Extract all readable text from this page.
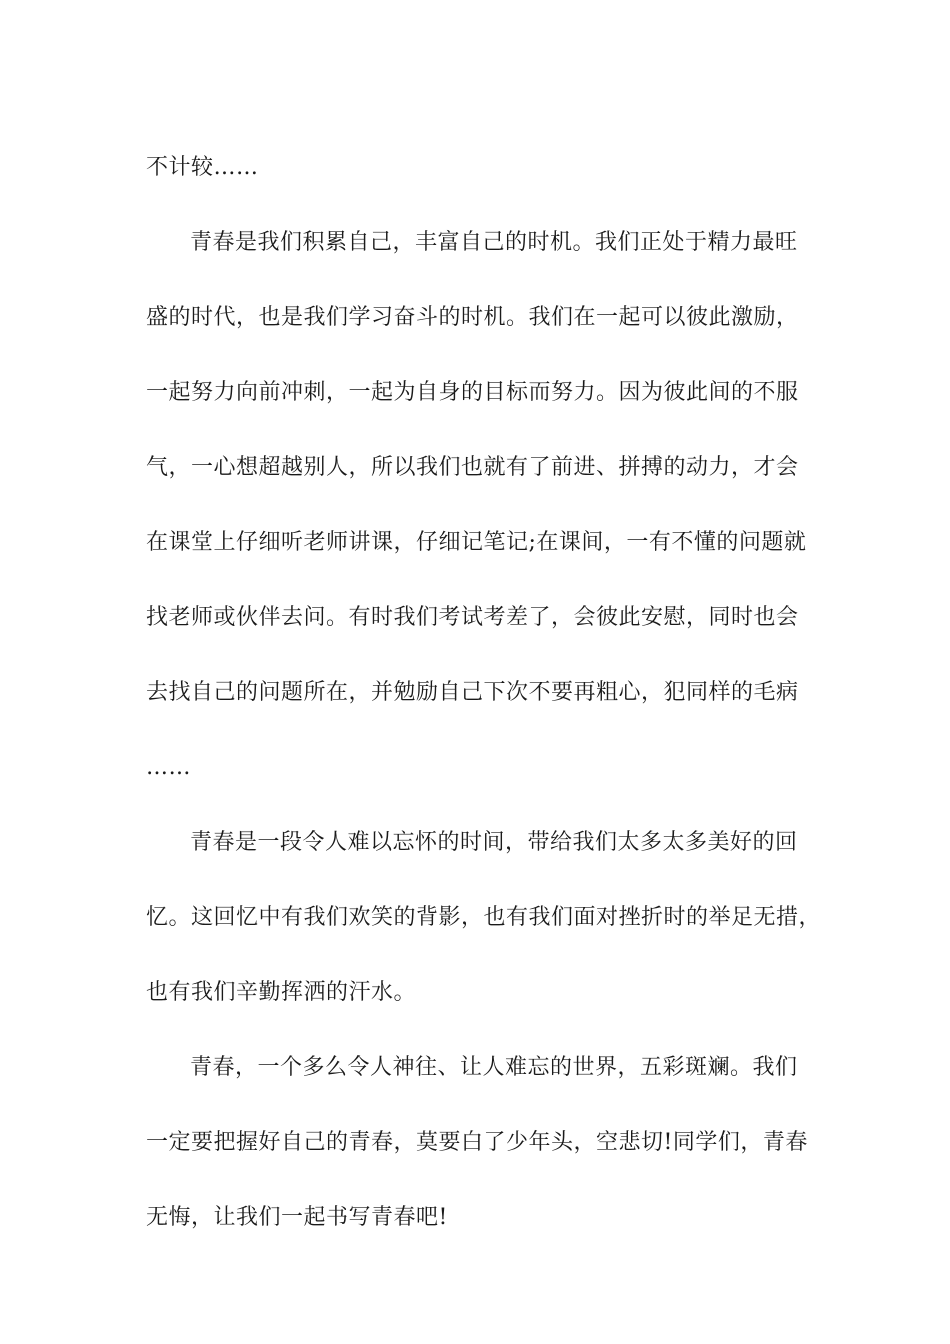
不计较……
青春是我们积累自己，丰富自己的时机。我们正处于精力最旺
盛的时代，也是我们学习奋斗的时机。我们在一起可以彼此激励，
一起努力向前冲刺，一起为自身的目标而努力。因为彼此间的不服
气，一心想超越别人，所以我们也就有了前进、拼搏的动力，才会
在课堂上仔细听老师讲课，仔细记笔记;在课间，一有不懂的问题就
找老师或伙伴去问。有时我们考试考差了，会彼此安慰，同时也会
去找自己的问题所在，并勉励自己下次不要再粗心，犯同样的毛病
……
青春是一段令人难以忘怀的时间，带给我们太多太多美好的回
忆。这回忆中有我们欢笑的背影，也有我们面对挫折时的举足无措，
也有我们辛勤挥洒的汗水。
青春，一个多么令人神往、让人难忘的世界，五彩斑斓。我们
一定要把握好自己的青春，莫要白了少年头，空悲切!同学们，青春
无悔，让我们一起书写青春吧!
